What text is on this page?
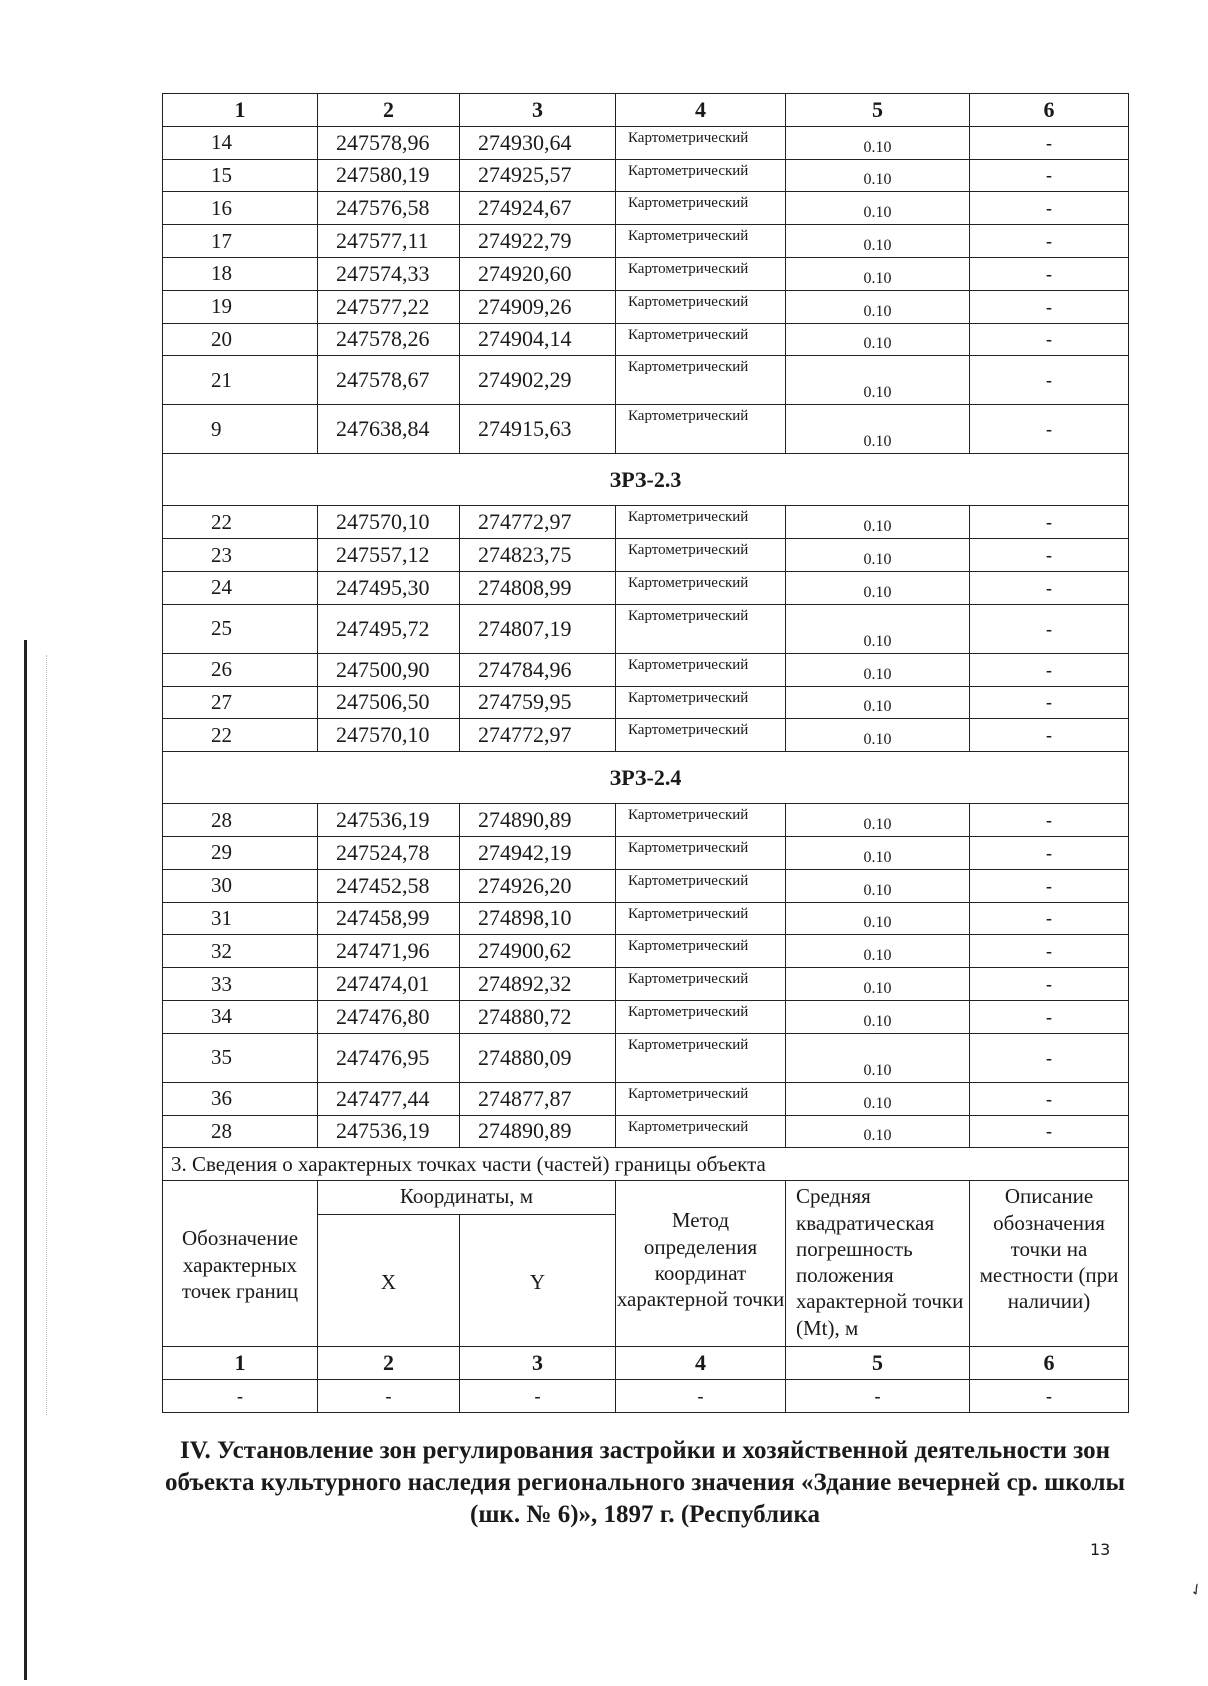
✓
1	2	3	4	5	6
14	247578,96	274930,64	Картометрический	0.10	-
15	247580,19	274925,57	Картометрический	0.10	-
16	247576,58	274924,67	Картометрический	0.10	-
17	247577,11	274922,79	Картометрический	0.10	-
18	247574,33	274920,60	Картометрический	0.10	-
19	247577,22	274909,26	Картометрический	0.10	-
20	247578,26	274904,14	Картометрический	0.10	-
21	247578,67	274902,29	Картометрический	0.10	-
9	247638,84	274915,63	Картометрический	0.10	-
ЗРЗ-2.3					
22	247570,10	274772,97	Картометрический	0.10	-
23	247557,12	274823,75	Картометрический	0.10	-
24	247495,30	274808,99	Картометрический	0.10	-
25	247495,72	274807,19	Картометрический	0.10	-
26	247500,90	274784,96	Картометрический	0.10	-
27	247506,50	274759,95	Картометрический	0.10	-
22	247570,10	274772,97	Картометрический	0.10	-
ЗРЗ-2.4					
28	247536,19	274890,89	Картометрический	0.10	-
29	247524,78	274942,19	Картометрический	0.10	-
30	247452,58	274926,20	Картометрический	0.10	-
31	247458,99	274898,10	Картометрический	0.10	-
32	247471,96	274900,62	Картометрический	0.10	-
33	247474,01	274892,32	Картометрический	0.10	-
34	247476,80	274880,72	Картометрический	0.10	-
35	247476,95	274880,09	Картометрический	0.10	-
36	247477,44	274877,87	Картометрический	0.10	-
28	247536,19	274890,89	Картометрический	0.10	-
3. Сведения о характерных точках части (частей) границы объекта					
Обозначение характерных точек границ	Координаты, м		Метод определения координат характерной точки	Средняя квадратическая погрешность положения характерной точки (Mt), м	Описание обозначения точки на местности (при наличии)
	X	Y			
1	2	3	4	5	6
-	-	-	-	-	-
IV. Установление зон регулирования застройки и хозяйственной деятельности зон объекта культурного наследия регионального значения «Здание вечерней ср. школы (шк. № 6)», 1897 г. (Республика
13
